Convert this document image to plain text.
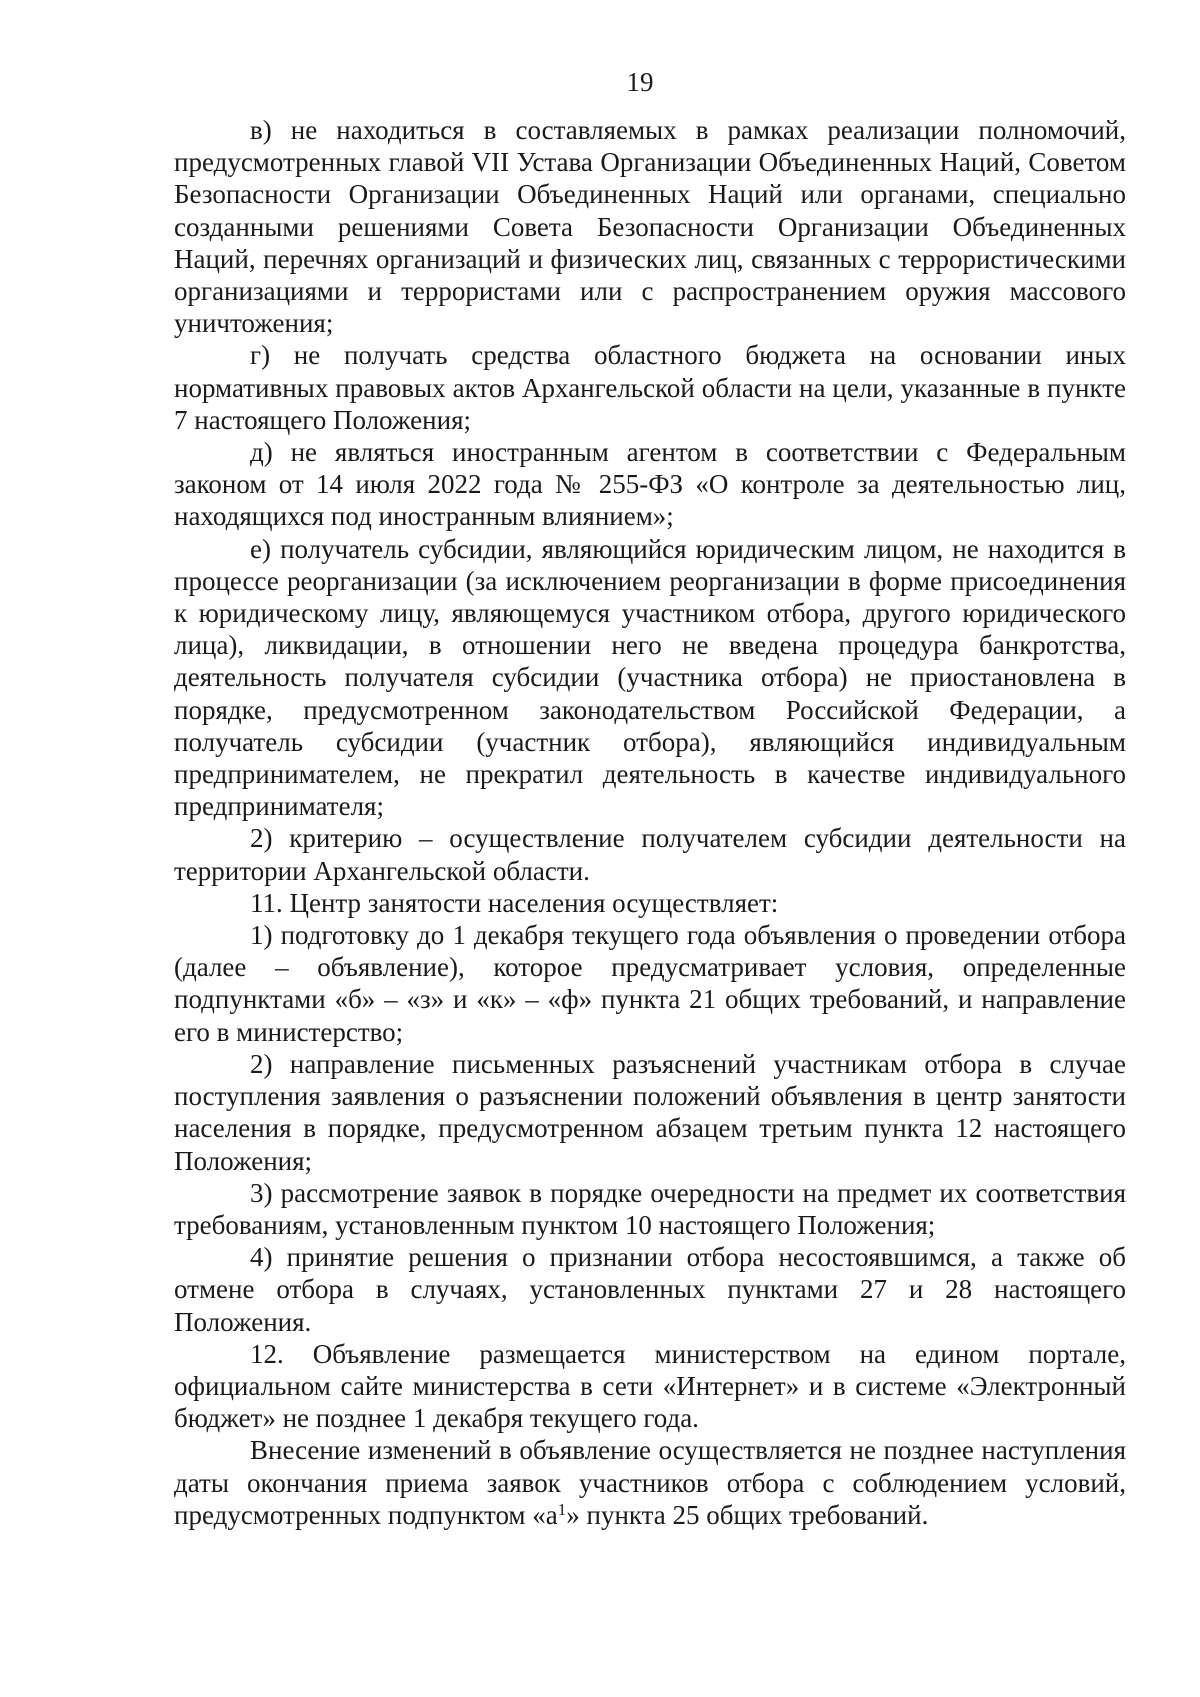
19

в) не находиться в составляемых в рамках реализации полномочий, предусмотренных главой VII Устава Организации Объединенных Наций, Советом Безопасности Организации Объединенных Наций или органами, специально созданными решениями Совета Безопасности Организации Объединенных Наций, перечнях организаций и физических лиц, связанных с террористическими организациями и террористами или с распространением оружия массового уничтожения;

г) не получать средства областного бюджета на основании иных нормативных правовых актов Архангельской области на цели, указанные в пункте 7 настоящего Положения;

д) не являться иностранным агентом в соответствии с Федеральным законом от 14 июля 2022 года № 255-ФЗ «О контроле за деятельностью лиц, находящихся под иностранным влиянием»;

е) получатель субсидии, являющийся юридическим лицом, не находится в процессе реорганизации (за исключением реорганизации в форме присоединения к юридическому лицу, являющемуся участником отбора, другого юридического лица), ликвидации, в отношении него не введена процедура банкротства, деятельность получателя субсидии (участника отбора) не приостановлена в порядке, предусмотренном законодательством Российской Федерации, а получатель субсидии (участник отбора), являющийся индивидуальным предпринимателем, не прекратил деятельность в качестве индивидуального предпринимателя;

2) критерию – осуществление получателем субсидии деятельности на территории Архангельской области.

11. Центр занятости населения осуществляет:

1) подготовку до 1 декабря текущего года объявления о проведении отбора (далее – объявление), которое предусматривает условия, определенные подпунктами «б» – «з» и «к» – «ф» пункта 21 общих требований, и направление его в министерство;

2) направление письменных разъяснений участникам отбора в случае поступления заявления о разъяснении положений объявления в центр занятости населения в порядке, предусмотренном абзацем третьим пункта 12 настоящего Положения;

3) рассмотрение заявок в порядке очередности на предмет их соответствия требованиям, установленным пунктом 10 настоящего Положения;

4) принятие решения о признании отбора несостоявшимся, а также об отмене отбора в случаях, установленных пунктами 27 и 28 настоящего Положения.

12. Объявление размещается министерством на едином портале, официальном сайте министерства в сети «Интернет» и в системе «Электронный бюджет» не позднее 1 декабря текущего года.

Внесение изменений в объявление осуществляется не позднее наступления даты окончания приема заявок участников отбора с соблюдением условий, предусмотренных подпунктом «$а^1$» пункта 25 общих требований.
